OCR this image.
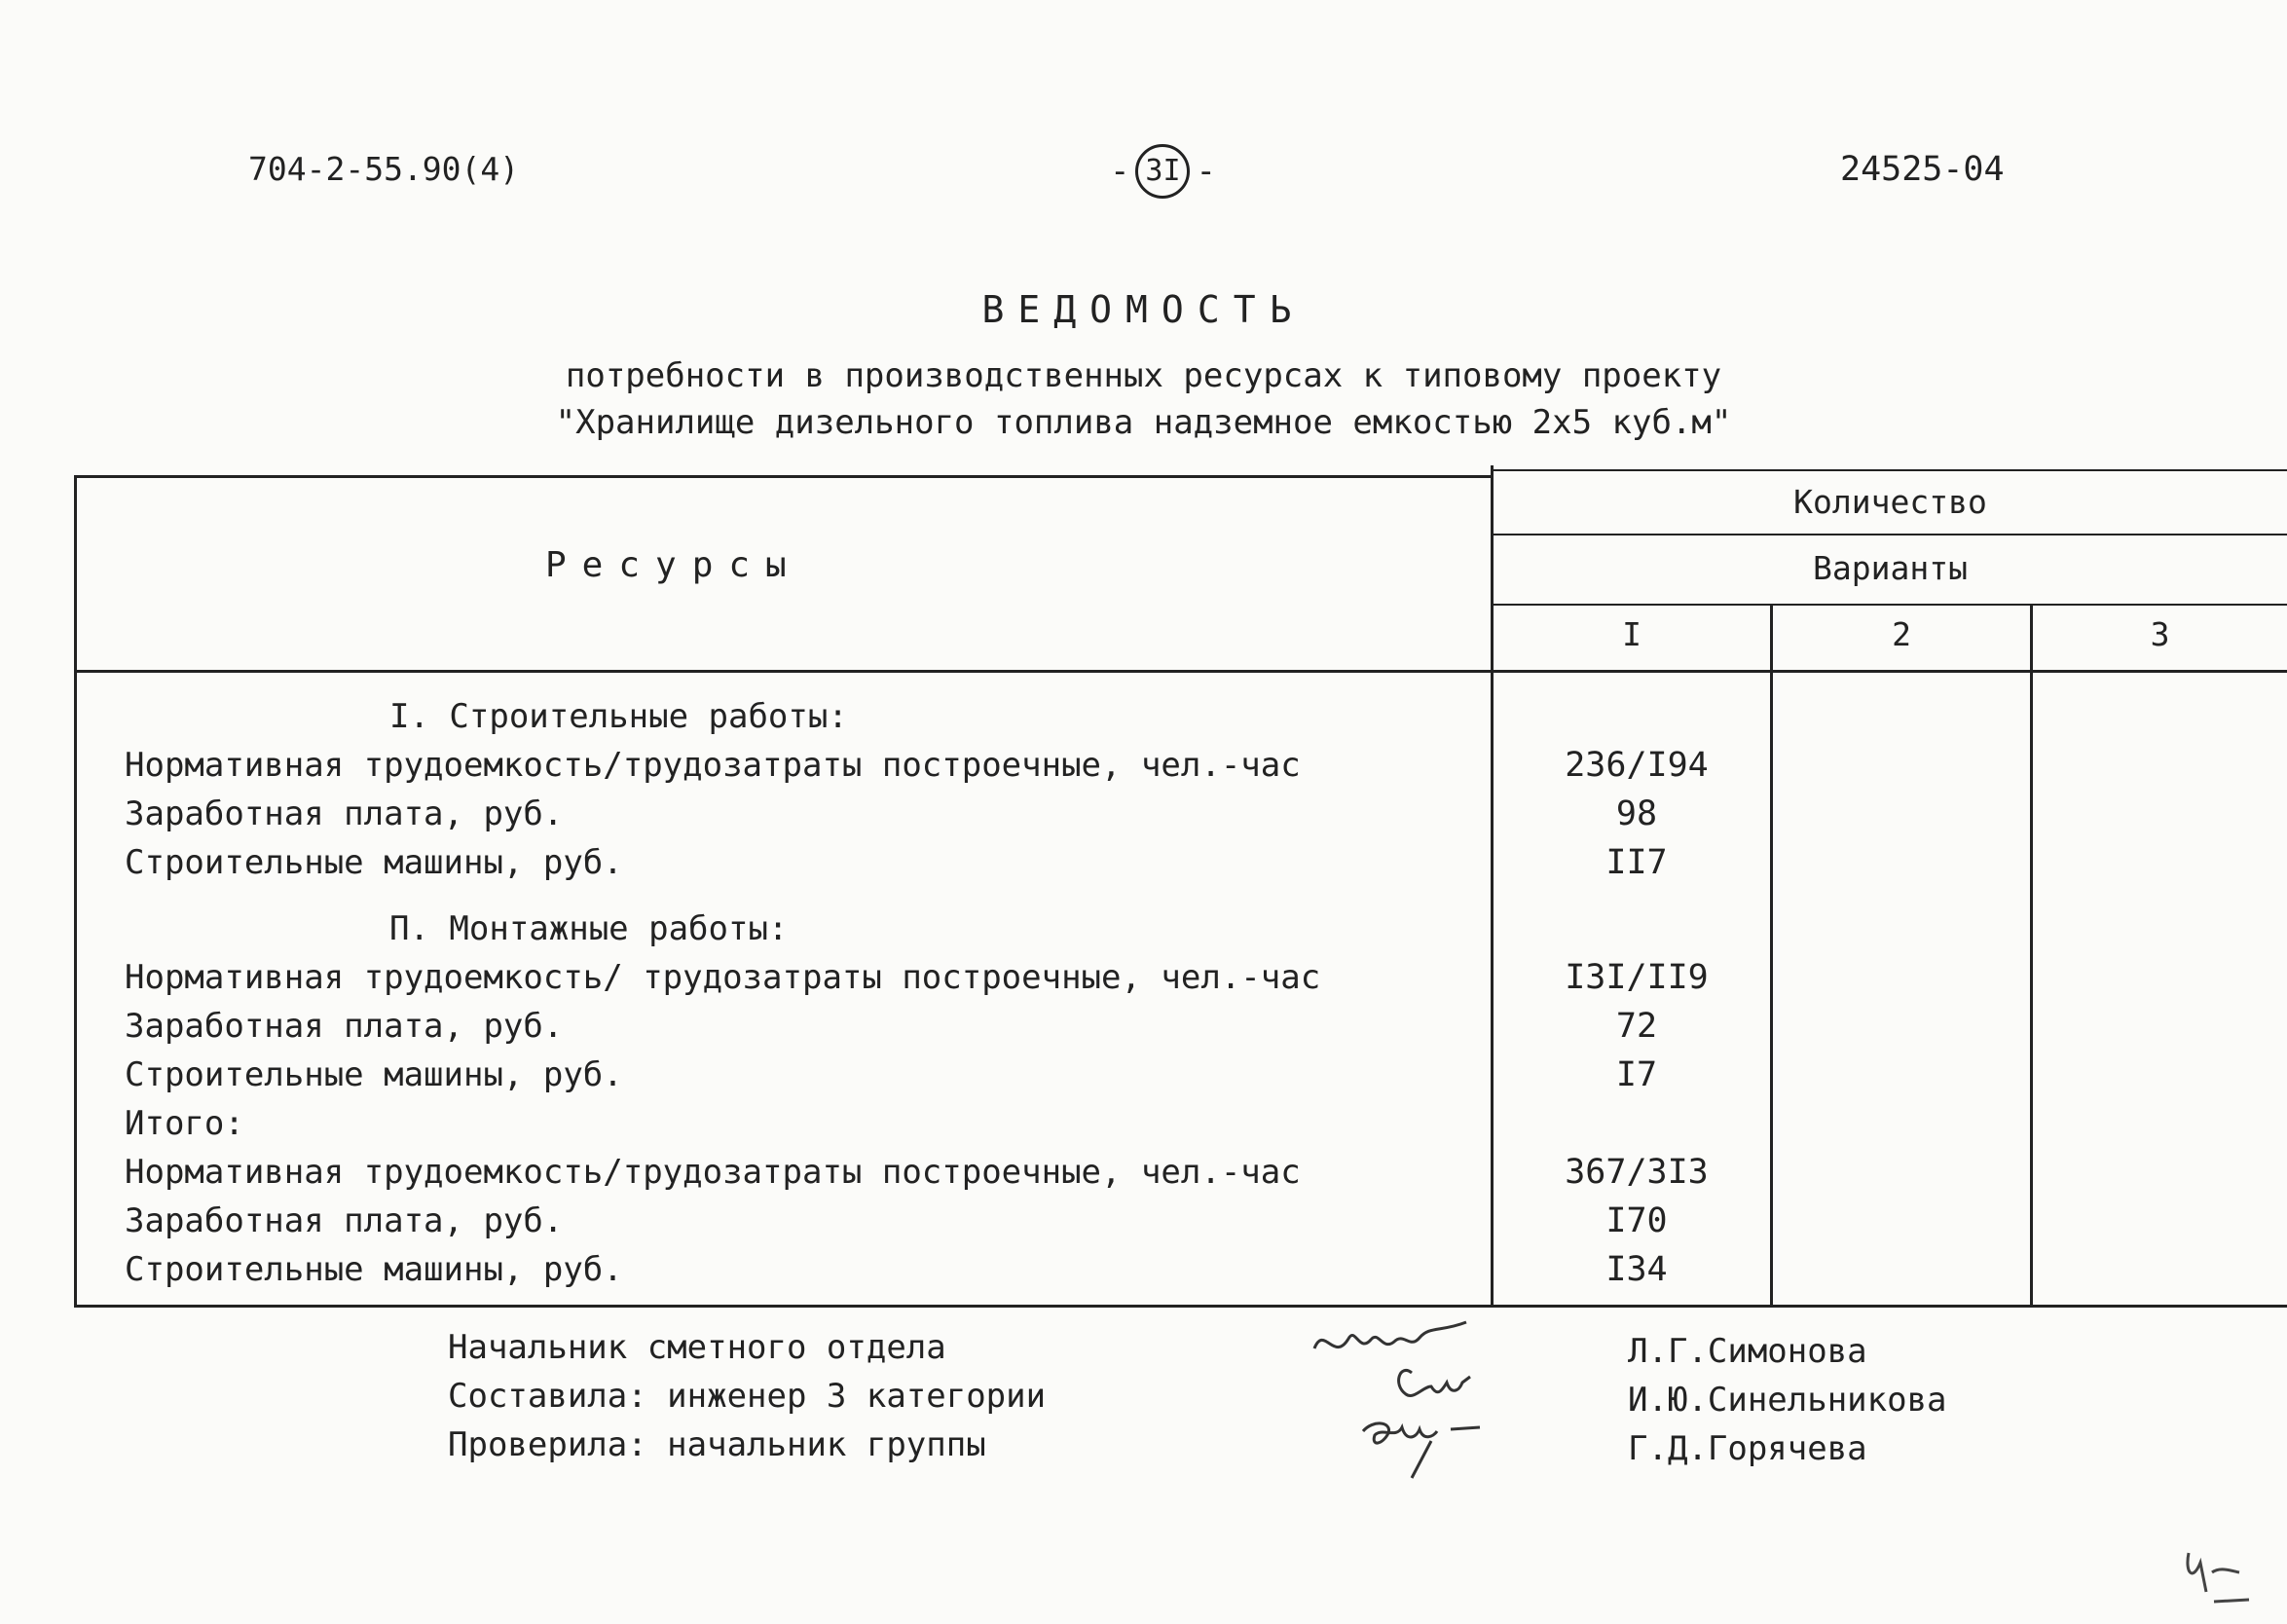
704-2-55.90(4)	- 3I -	24525-04
ВЕДОМОСТЬ
потребности в производственных ресурсах к типовому проекту
"Хранилище дизельного топлива надземное емкостью 2х5 куб.м"
Ресурсы
Количество
Варианты
I	2	3
I. Строительные работы:
Нормативная трудоемкость/трудозатраты построечные, чел.-час	236/I94
Заработная плата, руб.	98
Строительные машины, руб.	II7
П. Монтажные работы:
Нормативная трудоемкость/ трудозатраты построечные, чел.-час	I3I/II9
Заработная плата, руб.	72
Строительные машины, руб.	I7
Итого:
Нормативная трудоемкость/трудозатраты построечные, чел.-час	367/3I3
Заработная плата, руб.	I70
Строительные машины, руб.	I34
Начальник сметного отдела	Л.Г.Симонова
Составила: инженер 3 категории	И.Ю.Синельникова
Проверила: начальник группы	Г.Д.Горячева
